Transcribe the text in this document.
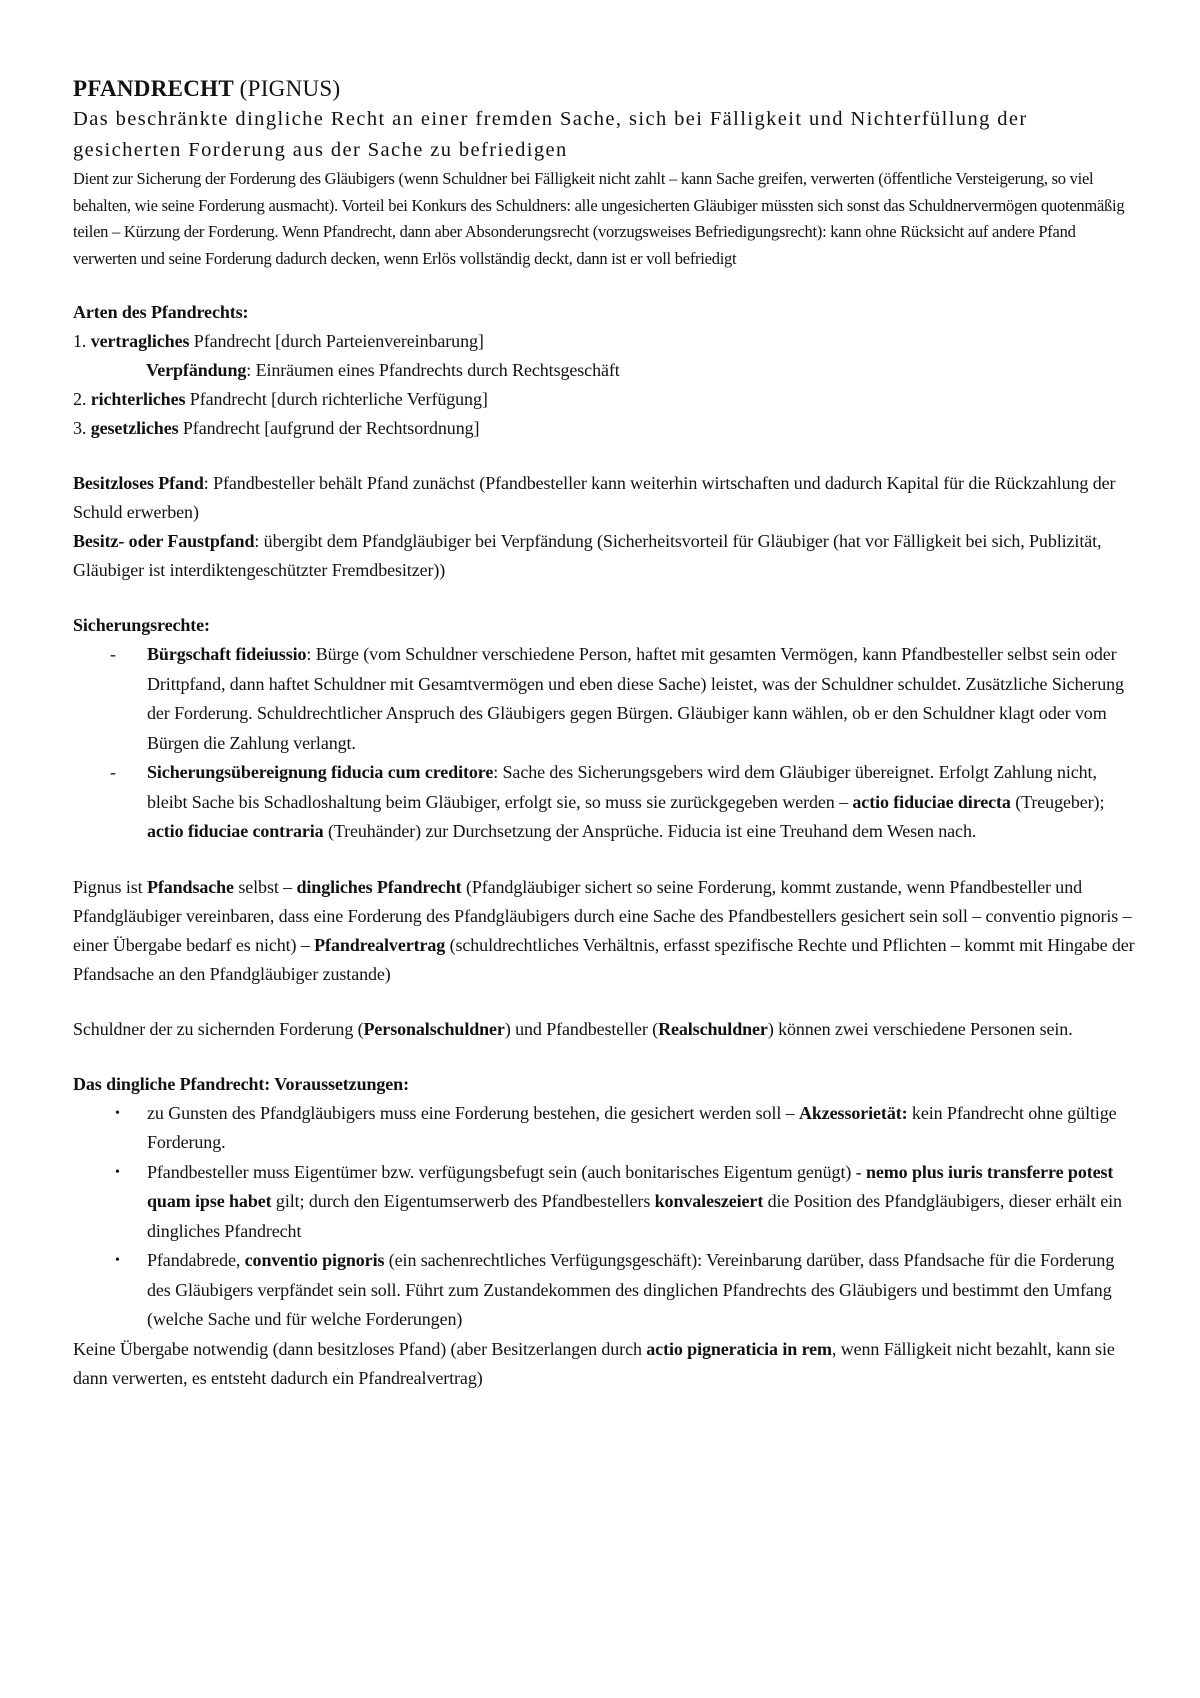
PFANDRECHT (PIGNUS)

Das beschränkte dingliche Recht an einer fremden Sache, sich bei Fälligkeit und Nichterfüllung der gesicherten Forderung aus der Sache zu befriedigen

Dient zur Sicherung der Forderung des Gläubigers (wenn Schuldner bei Fälligkeit nicht zahlt – kann Sache greifen, verwerten (öffentliche Versteigerung, so viel behalten, wie seine Forderung ausmacht). Vorteil bei Konkurs des Schuldners: alle ungesicherten Gläubiger müssten sich sonst das Schuldnervermögen quotenmäßig teilen – Kürzung der Forderung. Wenn Pfandrecht, dann aber Absonderungsrecht (vorzugsweises Befriedigungsrecht): kann ohne Rücksicht auf andere Pfand verwerten und seine Forderung dadurch decken, wenn Erlös vollständig deckt, dann ist er voll befriedigt

Arten des Pfandrechts:

1. vertragliches Pfandrecht [durch Parteienvereinbarung]

Verpfändung: Einräumen eines Pfandrechts durch Rechtsgeschäft

2. richterliches Pfandrecht [durch richterliche Verfügung]

3. gesetzliches Pfandrecht [aufgrund der Rechtsordnung]

Besitzloses Pfand: Pfandbesteller behält Pfand zunächst (Pfandbesteller kann weiterhin wirtschaften und dadurch Kapital für die Rückzahlung der Schuld erwerben)

Besitz- oder Faustpfand: übergibt dem Pfandgläubiger bei Verpfändung (Sicherheitsvorteil für Gläubiger (hat vor Fälligkeit bei sich, Publizität, Gläubiger ist interdiktengeschützter Fremdbesitzer))

Sicherungsrechte:

- Bürgschaft fideiussio: Bürge (vom Schuldner verschiedene Person, haftet mit gesamten Vermögen, kann Pfandbesteller selbst sein oder Drittpfand, dann haftet Schuldner mit Gesamtvermögen und eben diese Sache) leistet, was der Schuldner schuldet. Zusätzliche Sicherung der Forderung. Schuldrechtlicher Anspruch des Gläubigers gegen Bürgen. Gläubiger kann wählen, ob er den Schuldner klagt oder vom Bürgen die Zahlung verlangt.
- Sicherungsübereignung fiducia cum creditore: Sache des Sicherungsgebers wird dem Gläubiger übereignet. Erfolgt Zahlung nicht, bleibt Sache bis Schadloshaltung beim Gläubiger, erfolgt sie, so muss sie zurückgegeben werden – actio fiduciae directa (Treugeber); actio fiduciae contraria (Treuhänder) zur Durchsetzung der Ansprüche. Fiducia ist eine Treuhand dem Wesen nach.

Pignus ist Pfandsache selbst – dingliches Pfandrecht (Pfandgläubiger sichert so seine Forderung, kommt zustande, wenn Pfandbesteller und Pfandgläubiger vereinbaren, dass eine Forderung des Pfandgläubigers durch eine Sache des Pfandbestellers gesichert sein soll – conventio pignoris – einer Übergabe bedarf es nicht) – Pfandrealvertrag (schuldrechtliches Verhältnis, erfasst spezifische Rechte und Pflichten – kommt mit Hingabe der Pfandsache an den Pfandgläubiger zustande)

Schuldner der zu sichernden Forderung (Personalschuldner) und Pfandbesteller (Realschuldner) können zwei verschiedene Personen sein.

Das dingliche Pfandrecht: Voraussetzungen:

• zu Gunsten des Pfandgläubigers muss eine Forderung bestehen, die gesichert werden soll – Akzessorietät: kein Pfandrecht ohne gültige Forderung.
• Pfandbesteller muss Eigentümer bzw. verfügungsbefugt sein (auch bonitarisches Eigentum genügt) - nemo plus iuris transferre potest quam ipse habet gilt; durch den Eigentumserwerb des Pfandbestellers konvaleszeiert die Position des Pfandgläubigers, dieser erhält ein dingliches Pfandrecht
• Pfandabrede, conventio pignoris (ein sachenrechtliches Verfügungsgeschäft): Vereinbarung darüber, dass Pfandsache für die Forderung des Gläubigers verpfändet sein soll. Führt zum Zustandekommen des dinglichen Pfandrechts des Gläubigers und bestimmt den Umfang (welche Sache und für welche Forderungen)

Keine Übergabe notwendig (dann besitzloses Pfand) (aber Besitzerlangen durch actio pigneraticia in rem, wenn Fälligkeit nicht bezahlt, kann sie dann verwerten, es entsteht dadurch ein Pfandrealvertrag)
